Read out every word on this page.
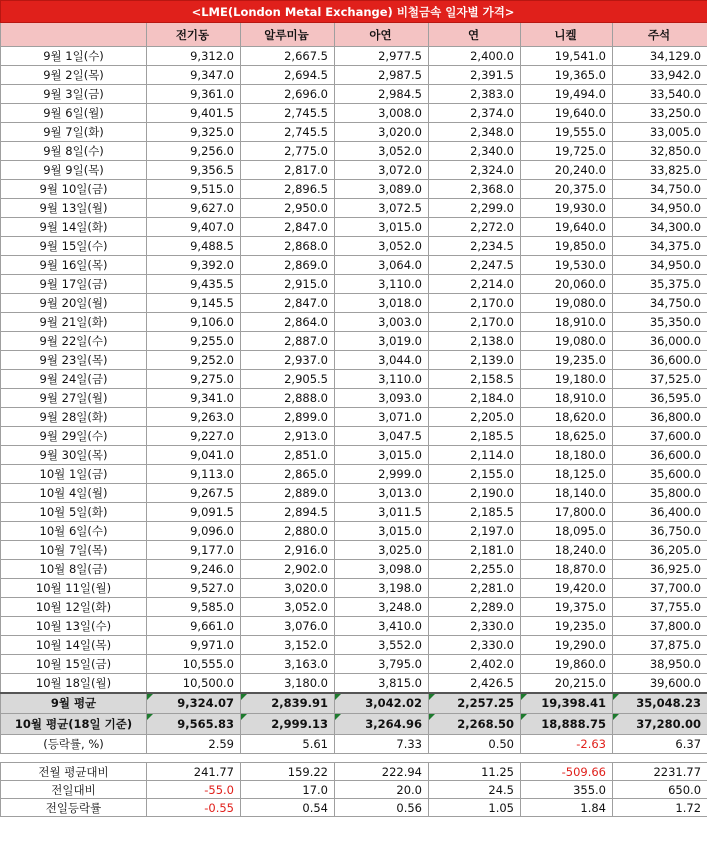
<LME(London Metal Exchange) 비철금속 일자별 가격>						
	전기동	알루미늄	아연	연	니켈	주석
9월 1일(수)	9,312.0	2,667.5	2,977.5	2,400.0	19,541.0	34,129.0
9월 2일(목)	9,347.0	2,694.5	2,987.5	2,391.5	19,365.0	33,942.0
9월 3일(금)	9,361.0	2,696.0	2,984.5	2,383.0	19,494.0	33,540.0
9월 6일(월)	9,401.5	2,745.5	3,008.0	2,374.0	19,640.0	33,250.0
9월 7일(화)	9,325.0	2,745.5	3,020.0	2,348.0	19,555.0	33,005.0
9월 8일(수)	9,256.0	2,775.0	3,052.0	2,340.0	19,725.0	32,850.0
9월 9일(목)	9,356.5	2,817.0	3,072.0	2,324.0	20,240.0	33,825.0
9월 10일(금)	9,515.0	2,896.5	3,089.0	2,368.0	20,375.0	34,750.0
9월 13일(월)	9,627.0	2,950.0	3,072.5	2,299.0	19,930.0	34,950.0
9월 14일(화)	9,407.0	2,847.0	3,015.0	2,272.0	19,640.0	34,300.0
9월 15일(수)	9,488.5	2,868.0	3,052.0	2,234.5	19,850.0	34,375.0
9월 16일(목)	9,392.0	2,869.0	3,064.0	2,247.5	19,530.0	34,950.0
9월 17일(금)	9,435.5	2,915.0	3,110.0	2,214.0	20,060.0	35,375.0
9월 20일(월)	9,145.5	2,847.0	3,018.0	2,170.0	19,080.0	34,750.0
9월 21일(화)	9,106.0	2,864.0	3,003.0	2,170.0	18,910.0	35,350.0
9월 22일(수)	9,255.0	2,887.0	3,019.0	2,138.0	19,080.0	36,000.0
9월 23일(목)	9,252.0	2,937.0	3,044.0	2,139.0	19,235.0	36,600.0
9월 24일(금)	9,275.0	2,905.5	3,110.0	2,158.5	19,180.0	37,525.0
9월 27일(월)	9,341.0	2,888.0	3,093.0	2,184.0	18,910.0	36,595.0
9월 28일(화)	9,263.0	2,899.0	3,071.0	2,205.0	18,620.0	36,800.0
9월 29일(수)	9,227.0	2,913.0	3,047.5	2,185.5	18,625.0	37,600.0
9월 30일(목)	9,041.0	2,851.0	3,015.0	2,114.0	18,180.0	36,600.0
10월 1일(금)	9,113.0	2,865.0	2,999.0	2,155.0	18,125.0	35,600.0
10월 4일(월)	9,267.5	2,889.0	3,013.0	2,190.0	18,140.0	35,800.0
10월 5일(화)	9,091.5	2,894.5	3,011.5	2,185.5	17,800.0	36,400.0
10월 6일(수)	9,096.0	2,880.0	3,015.0	2,197.0	18,095.0	36,750.0
10월 7일(목)	9,177.0	2,916.0	3,025.0	2,181.0	18,240.0	36,205.0
10월 8일(금)	9,246.0	2,902.0	3,098.0	2,255.0	18,870.0	36,925.0
10월 11일(월)	9,527.0	3,020.0	3,198.0	2,281.0	19,420.0	37,700.0
10월 12일(화)	9,585.0	3,052.0	3,248.0	2,289.0	19,375.0	37,755.0
10월 13일(수)	9,661.0	3,076.0	3,410.0	2,330.0	19,235.0	37,800.0
10월 14일(목)	9,971.0	3,152.0	3,552.0	2,330.0	19,290.0	37,875.0
10월 15일(금)	10,555.0	3,163.0	3,795.0	2,402.0	19,860.0	38,950.0
10월 18일(월)	10,500.0	3,180.0	3,815.0	2,426.5	20,215.0	39,600.0
9월 평균	9,324.07	2,839.91	3,042.02	2,257.25	19,398.41	35,048.23
10월 평균(18일 기준)	9,565.83	2,999.13	3,264.96	2,268.50	18,888.75	37,280.00
(등락률, %)	2.59	5.61	7.33	0.50	-2.63	6.37

전월 평균대비	241.77	159.22	222.94	11.25	-509.66	2231.77
전일대비	-55.0	17.0	20.0	24.5	355.0	650.0
전일등락률	-0.55	0.54	0.56	1.05	1.84	1.72
